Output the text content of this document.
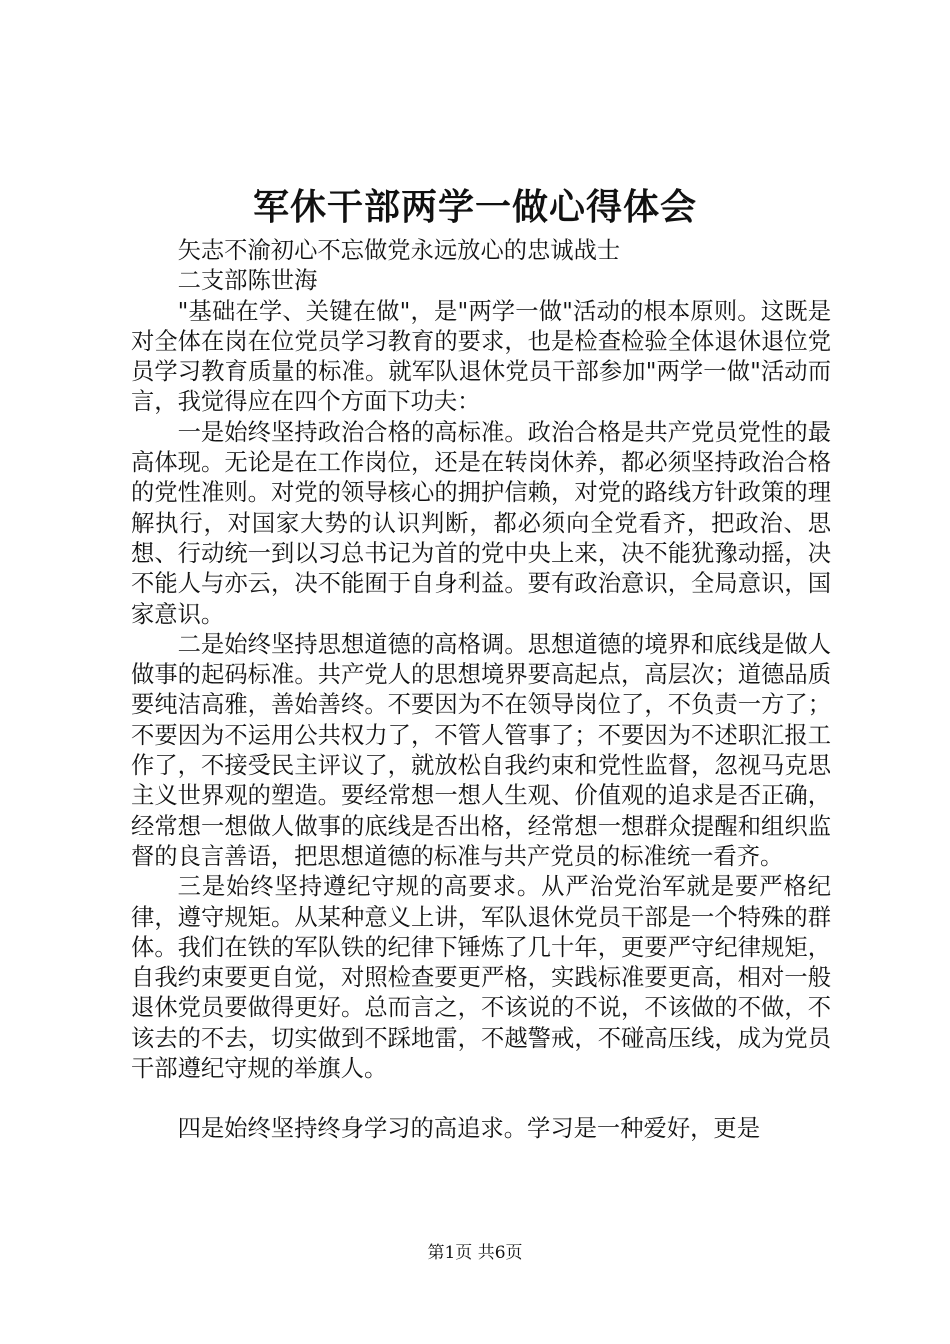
军休干部两学一做心得体会

矢志不渝初心不忘做党永远放心的忠诚战士

二支部陈世海

"基础在学、关键在做"，是"两学一做"活动的根本原则。这既是对全体在岗在位党员学习教育的要求，也是检查检验全体退休退位党员学习教育质量的标准。就军队退休党员干部参加"两学一做"活动而言，我觉得应在四个方面下功夫：

一是始终坚持政治合格的高标准。政治合格是共产党员党性的最高体现。无论是在工作岗位，还是在转岗休养，都必须坚持政治合格的党性准则。对党的领导核心的拥护信赖，对党的路线方针政策的理解执行，对国家大势的认识判断，都必须向全党看齐，把政治、思想、行动统一到以习总书记为首的党中央上来，决不能犹豫动摇，决不能人与亦云，决不能囿于自身利益。要有政治意识，全局意识，国家意识。

二是始终坚持思想道德的高格调。思想道德的境界和底线是做人做事的起码标准。共产党人的思想境界要高起点，高层次；道德品质要纯洁高雅，善始善终。不要因为不在领导岗位了，不负责一方了；不要因为不运用公共权力了，不管人管事了；不要因为不述职汇报工作了，不接受民主评议了，就放松自我约束和党性监督，忽视马克思主义世界观的塑造。要经常想一想人生观、价值观的追求是否正确，经常想一想做人做事的底线是否出格，经常想一想群众提醒和组织监督的良言善语，把思想道德的标准与共产党员的标准统一看齐。

三是始终坚持遵纪守规的高要求。从严治党治军就是要严格纪律，遵守规矩。从某种意义上讲，军队退休党员干部是一个特殊的群体。我们在铁的军队铁的纪律下锤炼了几十年，更要严守纪律规矩，自我约束要更自觉，对照检查要更严格，实践标准要更高，相对一般退休党员要做得更好。总而言之，不该说的不说，不该做的不做，不该去的不去，切实做到不踩地雷，不越警戒，不碰高压线，成为党员干部遵纪守规的举旗人。

四是始终坚持终身学习的高追求。学习是一种爱好，更是

第1页 共6页
